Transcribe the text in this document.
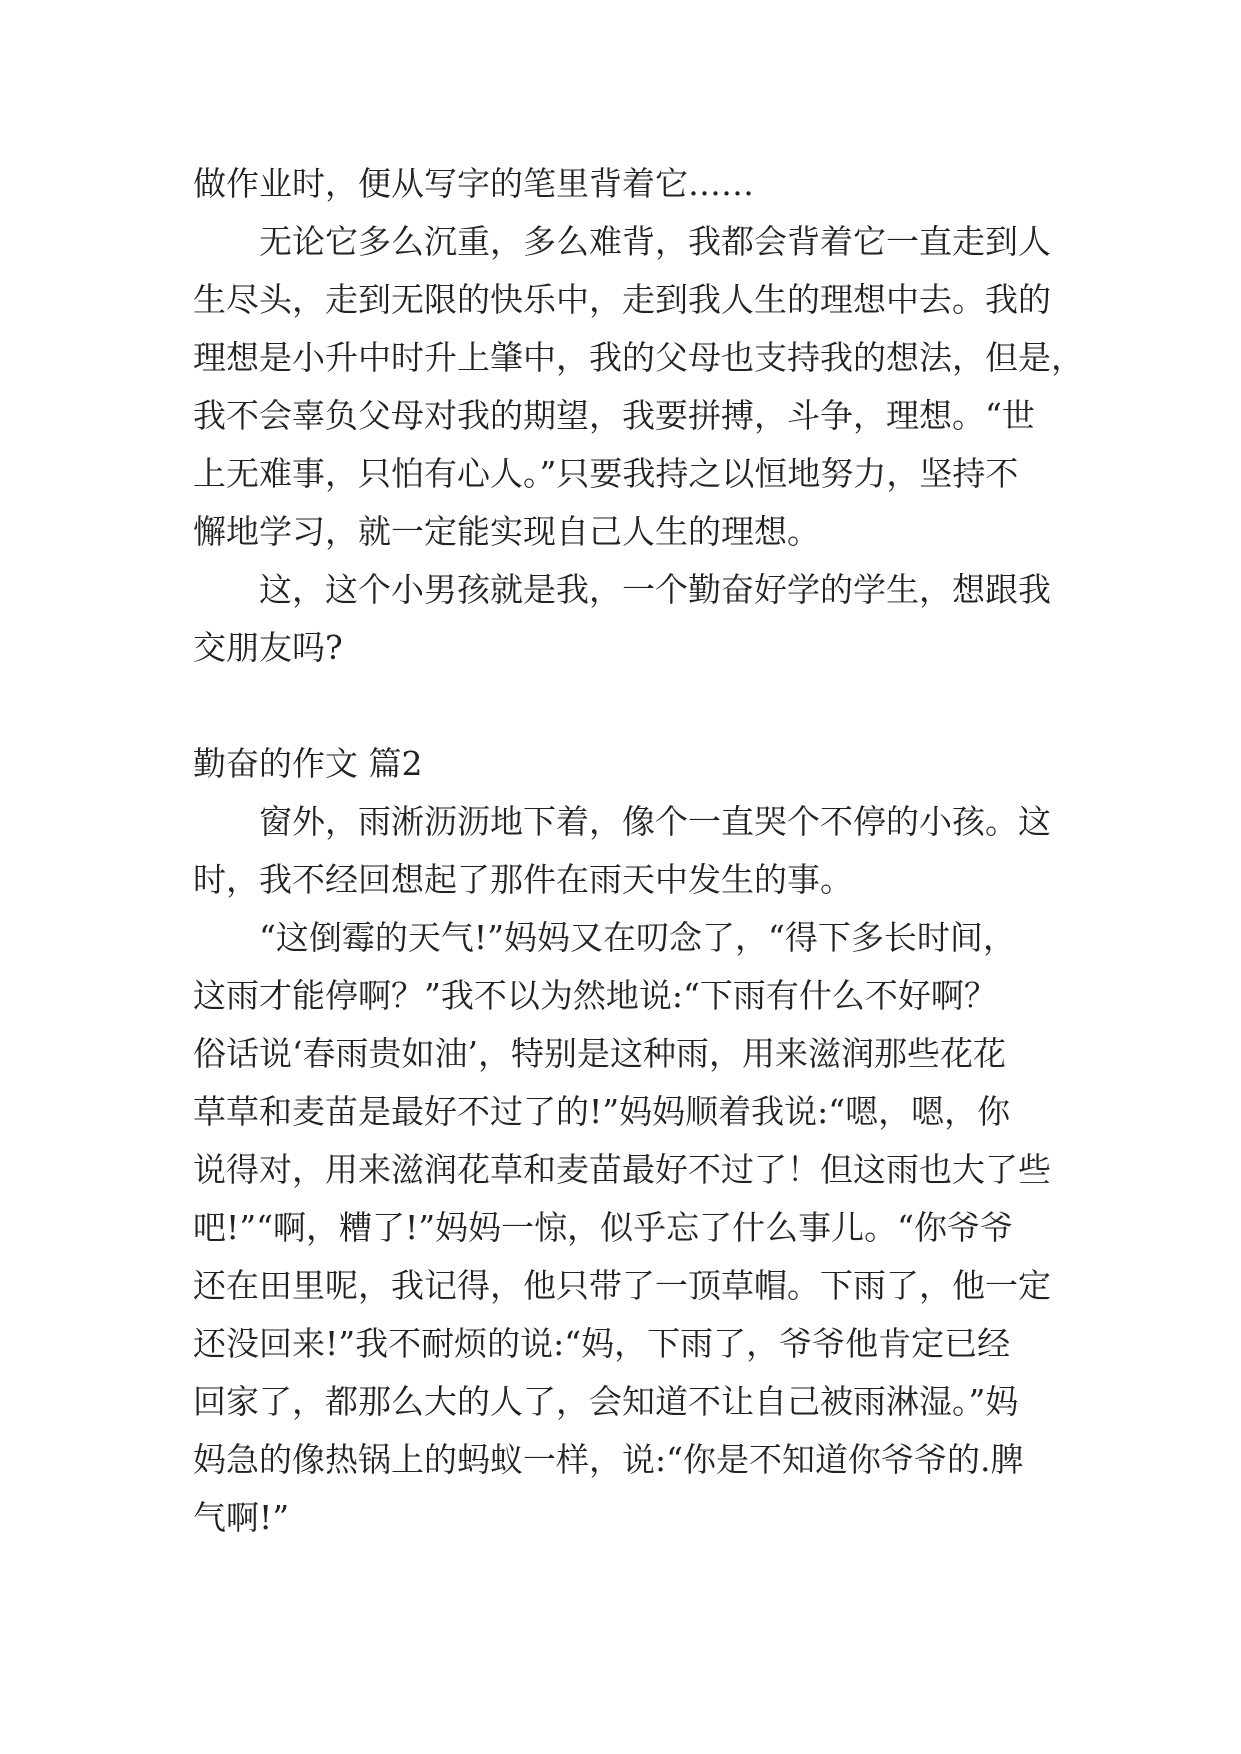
做作业时，便从写字的笔里背着它……
无论它多么沉重，多么难背，我都会背着它一直走到人
生尽头，走到无限的快乐中，走到我人生的理想中去。我的
理想是小升中时升上肇中，我的父母也支持我的想法，但是，
我不会辜负父母对我的期望，我要拼搏，斗争，理想。“世
上无难事，只怕有心人。”只要我持之以恒地努力，坚持不
懈地学习，就一定能实现自己人生的理想。
这，这个小男孩就是我，一个勤奋好学的学生，想跟我
交朋友吗?
勤奋的作文 篇2
窗外，雨淅沥沥地下着，像个一直哭个不停的小孩。这
时，我不经回想起了那件在雨天中发生的事。
“这倒霉的天气!”妈妈又在叨念了，“得下多长时间，
这雨才能停啊？”我不以为然地说:“下雨有什么不好啊？
俗话说‘春雨贵如油’，特别是这种雨，用来滋润那些花花
草草和麦苗是最好不过了的!”妈妈顺着我说:“嗯，嗯，你
说得对，用来滋润花草和麦苗最好不过了！但这雨也大了些
吧!”“啊，糟了!”妈妈一惊，似乎忘了什么事儿。“你爷爷
还在田里呢，我记得，他只带了一顶草帽。下雨了，他一定
还没回来!”我不耐烦的说:“妈，下雨了，爷爷他肯定已经
回家了，都那么大的人了，会知道不让自己被雨淋湿。”妈
妈急的像热锅上的蚂蚁一样，说:“你是不知道你爷爷的.脾
气啊!”
